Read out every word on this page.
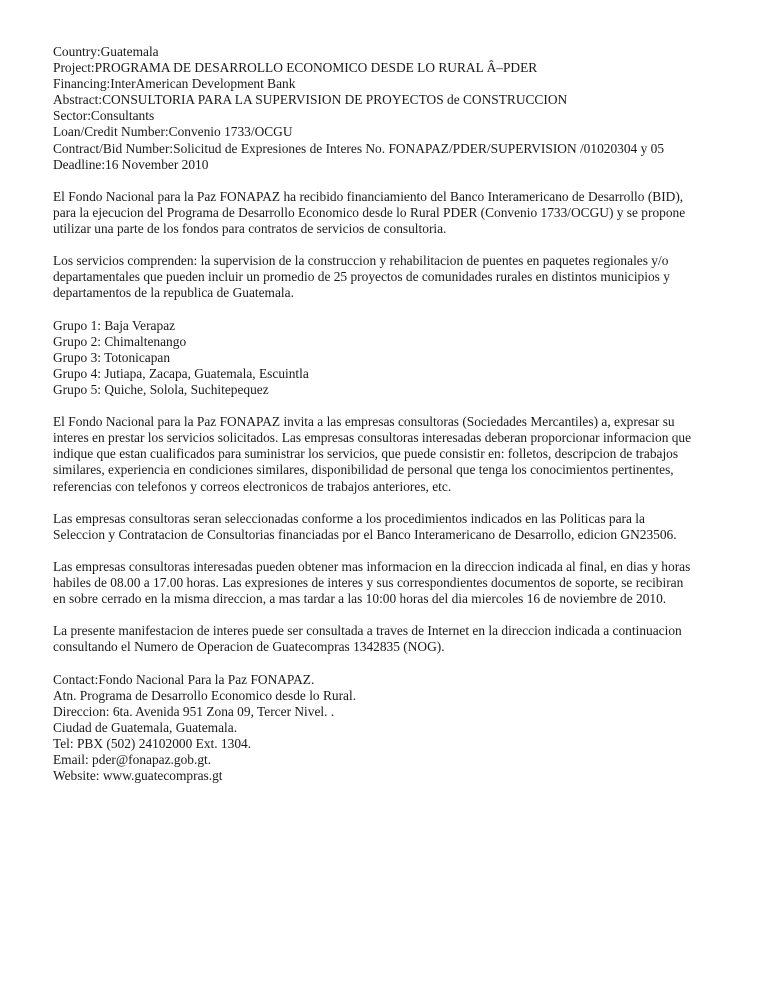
Country:Guatemala
Project:PROGRAMA DE DESARROLLO ECONOMICO DESDE LO RURAL Â–PDER
Financing:InterAmerican Development Bank
Abstract:CONSULTORIA PARA LA SUPERVISION DE PROYECTOS de CONSTRUCCION
Sector:Consultants
Loan/Credit Number:Convenio 1733/OCGU
Contract/Bid Number:Solicitud de Expresiones de Interes No. FONAPAZ/PDER/SUPERVISION /01020304 y 05
Deadline:16 November 2010

El Fondo Nacional para la Paz FONAPAZ ha recibido financiamiento del Banco Interamericano de Desarrollo (BID), para la ejecucion del Programa de Desarrollo Economico desde lo Rural PDER (Convenio 1733/OCGU) y se propone utilizar una parte de los fondos para contratos de servicios de consultoria.

Los servicios comprenden: la supervision de la construccion y rehabilitacion de puentes en paquetes regionales y/o departamentales que pueden incluir un promedio de 25 proyectos de comunidades rurales en distintos municipios y departamentos de la republica de Guatemala.

Grupo 1: Baja Verapaz
Grupo 2: Chimaltenango
Grupo 3: Totonicapan
Grupo 4: Jutiapa, Zacapa, Guatemala, Escuintla
Grupo 5: Quiche, Solola, Suchitepequez

El Fondo Nacional para la Paz FONAPAZ invita a las empresas consultoras (Sociedades Mercantiles) a, expresar su interes en prestar los servicios solicitados. Las empresas consultoras interesadas deberan proporcionar informacion que indique que estan cualificados para suministrar los servicios, que puede consistir en: folletos, descripcion de trabajos similares, experiencia en condiciones similares, disponibilidad de personal que tenga los conocimientos pertinentes, referencias con telefonos y correos electronicos de trabajos anteriores, etc.

Las empresas consultoras seran seleccionadas conforme a los procedimientos indicados en las Politicas para la Seleccion y Contratacion de Consultorias financiadas por el Banco Interamericano de Desarrollo, edicion GN23506.

Las empresas consultoras interesadas pueden obtener mas informacion en la direccion indicada al final, en dias y horas habiles de 08.00 a 17.00 horas. Las expresiones de interes y sus correspondientes documentos de soporte, se recibiran en sobre cerrado en la misma direccion, a mas tardar a las 10:00 horas del dia miercoles 16 de noviembre de 2010.

La presente manifestacion de interes puede ser consultada a traves de Internet en la direccion indicada a continuacion consultando el Numero de Operacion de Guatecompras 1342835 (NOG).

Contact:Fondo Nacional Para la Paz FONAPAZ.
Atn. Programa de Desarrollo Economico desde lo Rural.
Direccion: 6ta. Avenida 951 Zona 09, Tercer Nivel. .
Ciudad de Guatemala, Guatemala.
Tel: PBX (502) 24102000 Ext. 1304.
Email: pder@fonapaz.gob.gt.
Website: www.guatecompras.gt
